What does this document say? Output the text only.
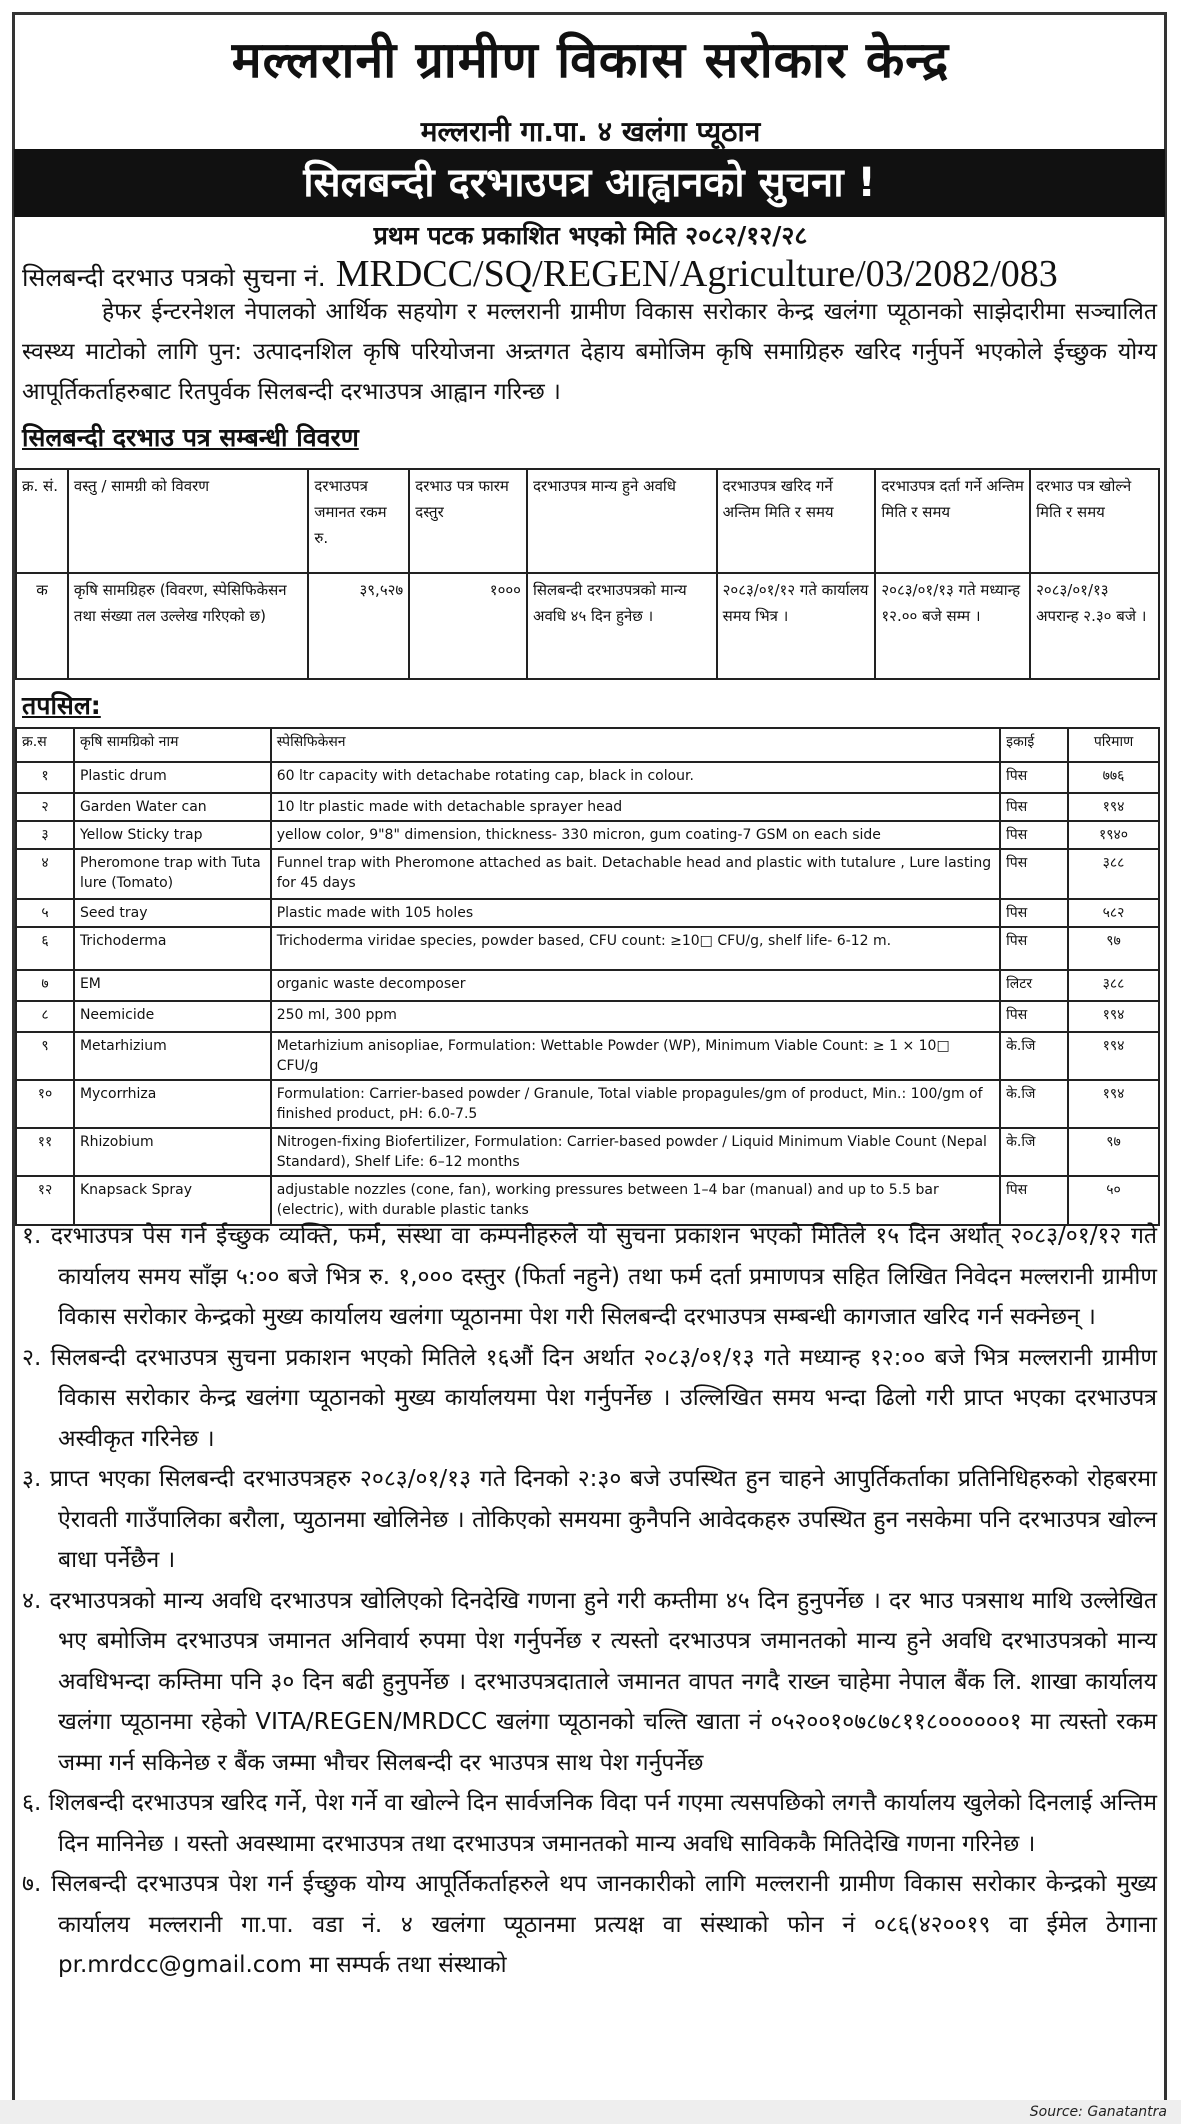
मल्लरानी ग्रामीण विकास सरोकार केन्द्र
मल्लरानी गा.पा. ४ खलंगा प्यूठान
सिलबन्दी दरभाउपत्र आह्वानको सुचना !
प्रथम पटक प्रकाशित भएको मिति २०८२/१२/२८
सिलबन्दी दरभाउ पत्रको सुचना नं. MRDCC/SQ/REGEN/Agriculture/03/2082/083
हेफर ईन्टरनेशल नेपालको आर्थिक सहयोग र मल्लरानी ग्रामीण विकास सरोकार केन्द्र खलंगा प्यूठानको साझेदारीमा सञ्चालित स्वस्थ्य माटोको लागि पुन: उत्पादनशिल कृषि परियोजना अन्र्तगत देहाय बमोजिम कृषि समाग्रिहरु खरिद गर्नुपर्ने भएकोले ईच्छुक योग्य आपूर्तिकर्ताहरुबाट रितपुर्वक सिलबन्दी दरभाउपत्र आह्वान गरिन्छ ।
सिलबन्दी दरभाउ पत्र सम्बन्धी विवरण
क्र. सं.	वस्तु / सामग्री को विवरण	दरभाउपत्र जमानत रकम रु.	दरभाउ पत्र फारम दस्तुर	दरभाउपत्र मान्य हुने अवधि	दरभाउपत्र खरिद गर्ने अन्तिम मिति र समय	दरभाउपत्र दर्ता गर्ने अन्तिम मिति र समय	दरभाउ पत्र खोल्ने मिति र समय
क	कृषि सामग्रिहरु (विवरण, स्पेसिफिकेसन तथा संख्या तल उल्लेख गरिएको छ)	३९,५२७	१०००	सिलबन्दी दरभाउपत्रको मान्य अवधि ४५ दिन हुनेछ ।	२०८३/०१/१२ गते कार्यालय समय भित्र ।	२०८३/०१/१३ गते मध्यान्ह १२.०० बजे सम्म ।	२०८३/०१/१३ अपरान्ह २.३० बजे ।
तपसिल:
क्र.स	कृषि सामग्रिको नाम	स्पेसिफिकेसन	इकाई	परिमाण
१	Plastic drum	60 ltr capacity with detachabe rotating cap, black in colour.	पिस	७७६
२	Garden Water can	10 ltr plastic made with detachable sprayer head	पिस	१९४
३	Yellow Sticky trap	yellow color, 9"8" dimension, thickness- 330 micron, gum coating-7 GSM on each side	पिस	१९४०
४	Pheromone trap with Tuta lure (Tomato)	Funnel trap with Pheromone attached as bait. Detachable head and plastic with tutalure , Lure lasting for 45 days	पिस	३८८
५	Seed tray	Plastic made with 105 holes	पिस	५८२
६	Trichoderma	Trichoderma viridae species, powder based, CFU count: ≥10□ CFU/g, shelf life- 6-12 m.	पिस	९७
७	EM	organic waste decomposer	लिटर	३८८
८	Neemicide	250 ml, 300 ppm	पिस	१९४
९	Metarhizium	Metarhizium anisopliae, Formulation: Wettable Powder (WP), Minimum Viable Count: ≥ 1 × 10□ CFU/g	के.जि	१९४
१०	Mycorrhiza	Formulation: Carrier-based powder / Granule, Total viable propagules/gm of product, Min.: 100/gm of finished product, pH: 6.0-7.5	के.जि	१९४
११	Rhizobium	Nitrogen-fixing Biofertilizer, Formulation: Carrier-based powder / Liquid Minimum Viable Count (Nepal Standard), Shelf Life: 6–12 months	के.जि	९७
१२	Knapsack Spray	adjustable nozzles (cone, fan), working pressures between 1–4 bar (manual) and up to 5.5 bar (electric), with durable plastic tanks	पिस	५०

१. दरभाउपत्र पेस गर्न ईच्छुक व्यक्ति, फर्म, संस्था वा कम्पनीहरुले यो सुचना प्रकाशन भएको मितिले १५ दिन अर्थात् २०८३/०१/१२ गते कार्यालय समय साँझ ५:०० बजे भित्र रु. १,००० दस्तुर (फिर्ता नहुने) तथा फर्म दर्ता प्रमाणपत्र सहित लिखित निवेदन मल्लरानी ग्रामीण विकास सरोकार केन्द्रको मुख्य कार्यालय खलंगा प्यूठानमा पेश गरी सिलबन्दी दरभाउपत्र सम्बन्धी कागजात खरिद गर्न सक्नेछन् ।

२. सिलबन्दी दरभाउपत्र सुचना प्रकाशन भएको मितिले १६औं दिन अर्थात २०८३/०१/१३ गते मध्यान्ह १२:०० बजे भित्र मल्लरानी ग्रामीण विकास सरोकार केन्द्र खलंगा प्यूठानको मुख्य कार्यालयमा पेश गर्नुपर्नेछ । उल्लिखित समय भन्दा ढिलो गरी प्राप्त भएका दरभाउपत्र अस्वीकृत गरिनेछ ।

३. प्राप्त भएका सिलबन्दी दरभाउपत्रहरु २०८३/०१/१३ गते दिनको २:३० बजे उपस्थित हुन चाहने आपुर्तिकर्ताका प्रतिनिधिहरुको रोहबरमा ऐरावती गाउँपालिका बरौला, प्युठानमा खोलिनेछ । तोकिएको समयमा कुनैपनि आवेदकहरु उपस्थित हुन नसकेमा पनि दरभाउपत्र खोल्न बाधा पर्नेछैन ।

४. दरभाउपत्रको मान्य अवधि दरभाउपत्र खोलिएको दिनदेखि गणना हुने गरी कम्तीमा ४५ दिन हुनुपर्नेछ । दर भाउ पत्रसाथ माथि उल्लेखित भए बमोजिम दरभाउपत्र जमानत अनिवार्य रुपमा पेश गर्नुपर्नेछ र त्यस्तो दरभाउपत्र जमानतको मान्य हुने अवधि दरभाउपत्रको मान्य अवधिभन्दा कम्तिमा पनि ३० दिन बढी हुनुपर्नेछ । दरभाउपत्रदाताले जमानत वापत नगदै राख्न चाहेमा नेपाल बैंक लि. शाखा कार्यालय खलंगा प्यूठानमा रहेको VITA/REGEN/MRDCC खलंगा प्यूठानको चल्ति खाता नं ०५२००१०७८७८११८००००००१ मा त्यस्तो रकम जम्मा गर्न सकिनेछ र बैंक जम्मा भौचर सिलबन्दी दर भाउपत्र साथ पेश गर्नुपर्नेछ

६. शिलबन्दी दरभाउपत्र खरिद गर्ने, पेश गर्ने वा खोल्ने दिन सार्वजनिक विदा पर्न गएमा त्यसपछिको लगत्तै कार्यालय खुलेको दिनलाई अन्तिम दिन मानिनेछ । यस्तो अवस्थामा दरभाउपत्र तथा दरभाउपत्र जमानतको मान्य अवधि साविककै मितिदेखि गणना गरिनेछ ।

७. सिलबन्दी दरभाउपत्र पेश गर्न ईच्छुक योग्य आपूर्तिकर्ताहरुले थप जानकारीको लागि मल्लरानी ग्रामीण विकास सरोकार केन्द्रको मुख्य कार्यालय मल्लरानी गा.पा. वडा नं. ४ खलंगा प्यूठानमा प्रत्यक्ष वा संस्थाको फोन नं ०८६(४२००१९ वा ईमेल ठेगाना pr.mrdcc@gmail.com मा सम्पर्क तथा संस्थाको

Source: Ganatantra
